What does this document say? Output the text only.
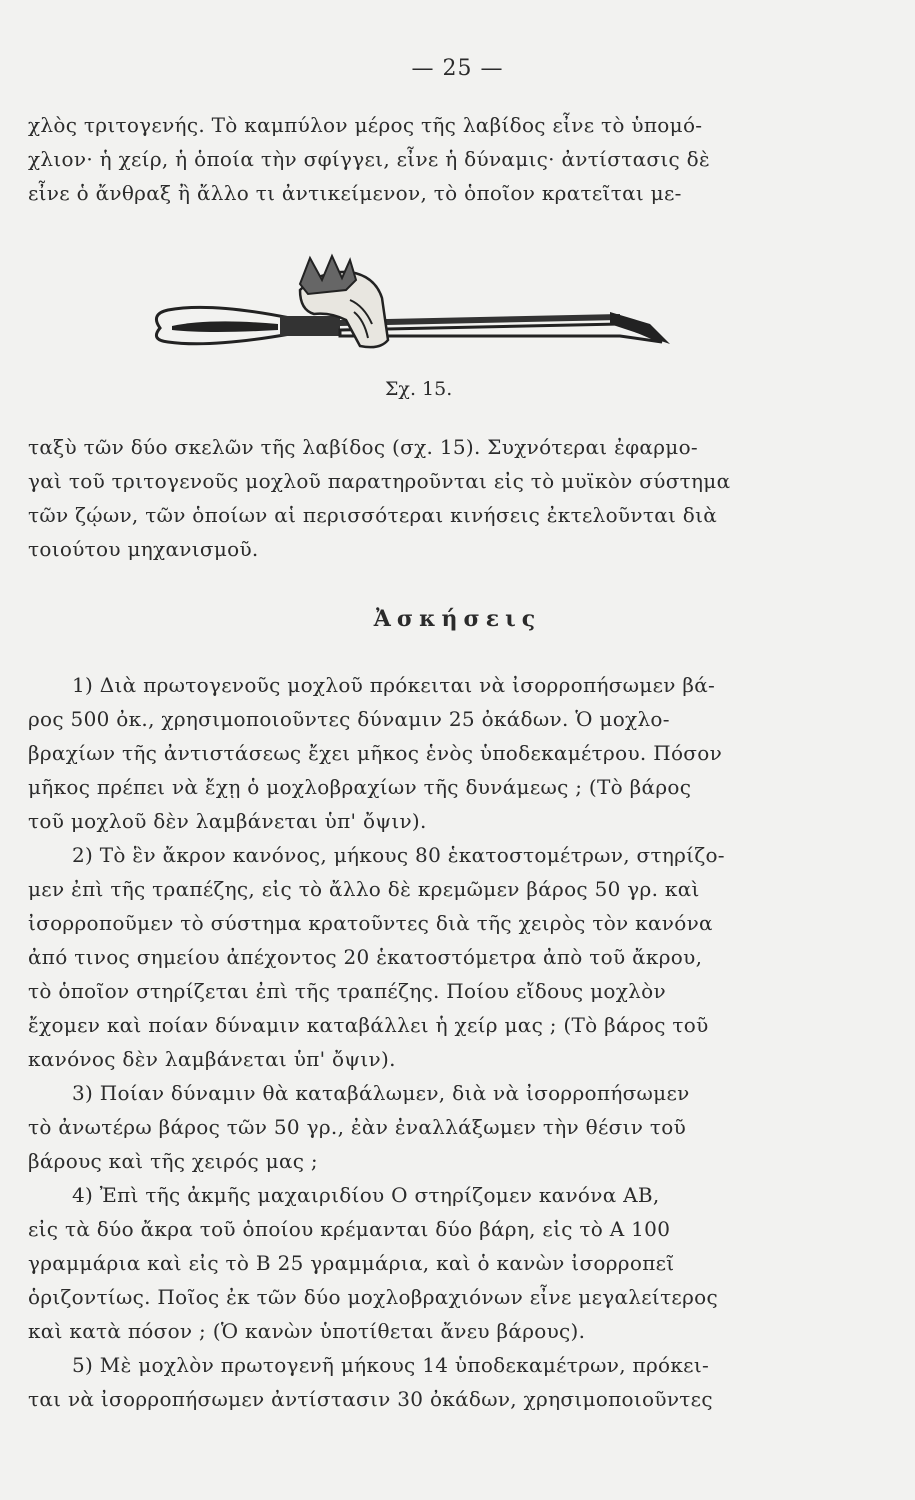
— 25 —
χλὸς τριτογενής. Τὸ καμπύλον μέρος τῆς λαβίδος εἶνε τὸ ὑπομό-
χλιον· ἡ χείρ, ἡ ὁποία τὴν σφίγγει, εἶνε ἡ δύναμις· ἀντίστασις δὲ
εἶνε ὁ ἄνθραξ ἢ ἄλλο τι ἀντικείμενον, τὸ ὁποῖον κρατεῖται με-
Σχ. 15.
ταξὺ τῶν δύο σκελῶν τῆς λαβίδος (σχ. 15). Συχνότεραι ἐφαρμο-
γαὶ τοῦ τριτογενοῦς μοχλοῦ παρατηροῦνται εἰς τὸ μυϊκὸν σύστημα
τῶν ζῴων, τῶν ὁποίων αἱ περισσότεραι κινήσεις ἐκτελοῦνται διὰ
τοιούτου μηχανισμοῦ.
Ἀσκήσεις
1) Διὰ πρωτογενοῦς μοχλοῦ πρόκειται νὰ ἰσορροπήσωμεν βά-
ρος 500 ὀκ., χρησιμοποιοῦντες δύναμιν 25 ὀκάδων. Ὁ μοχλο-
βραχίων τῆς ἀντιστάσεως ἔχει μῆκος ἑνὸς ὑποδεκαμέτρου. Πόσον
μῆκος πρέπει νὰ ἔχῃ ὁ μοχλοβραχίων τῆς δυνάμεως ; (Τὸ βάρος
τοῦ μοχλοῦ δὲν λαμβάνεται ὑπ' ὄψιν).
2) Τὸ ἓν ἄκρον κανόνος, μήκους 80 ἑκατοστομέτρων, στηρίζο-
μεν ἐπὶ τῆς τραπέζης, εἰς τὸ ἄλλο δὲ κρεμῶμεν βάρος 50 γρ. καὶ
ἰσορροποῦμεν τὸ σύστημα κρατοῦντες διὰ τῆς χειρὸς τὸν κανόνα
ἀπό τινος σημείου ἀπέχοντος 20 ἑκατοστόμετρα ἀπὸ τοῦ ἄκρου,
τὸ ὁποῖον στηρίζεται ἐπὶ τῆς τραπέζης. Ποίου εἴδους μοχλὸν
ἔχομεν καὶ ποίαν δύναμιν καταβάλλει ἡ χείρ μας ; (Τὸ βάρος τοῦ
κανόνος δὲν λαμβάνεται ὑπ' ὄψιν).
3) Ποίαν δύναμιν θὰ καταβάλωμεν, διὰ νὰ ἰσορροπήσωμεν
τὸ ἀνωτέρω βάρος τῶν 50 γρ., ἐὰν ἐναλλάξωμεν τὴν θέσιν τοῦ
βάρους καὶ τῆς χειρός μας ;
4) Ἐπὶ τῆς ἀκμῆς μαχαιριδίου Ο στηρίζομεν κανόνα ΑΒ,
εἰς τὰ δύο ἄκρα τοῦ ὁποίου κρέμανται δύο βάρη, εἰς τὸ Α 100
γραμμάρια καὶ εἰς τὸ Β 25 γραμμάρια, καὶ ὁ κανὼν ἰσορροπεῖ
ὁριζοντίως. Ποῖος ἐκ τῶν δύο μοχλοβραχιόνων εἶνε μεγαλείτερος
καὶ κατὰ πόσον ; (Ὁ κανὼν ὑποτίθεται ἄνευ βάρους).
5) Μὲ μοχλὸν πρωτογενῆ μήκους 14 ὑποδεκαμέτρων, πρόκει-
ται νὰ ἰσορροπήσωμεν ἀντίστασιν 30 ὀκάδων, χρησιμοποιοῦντες
